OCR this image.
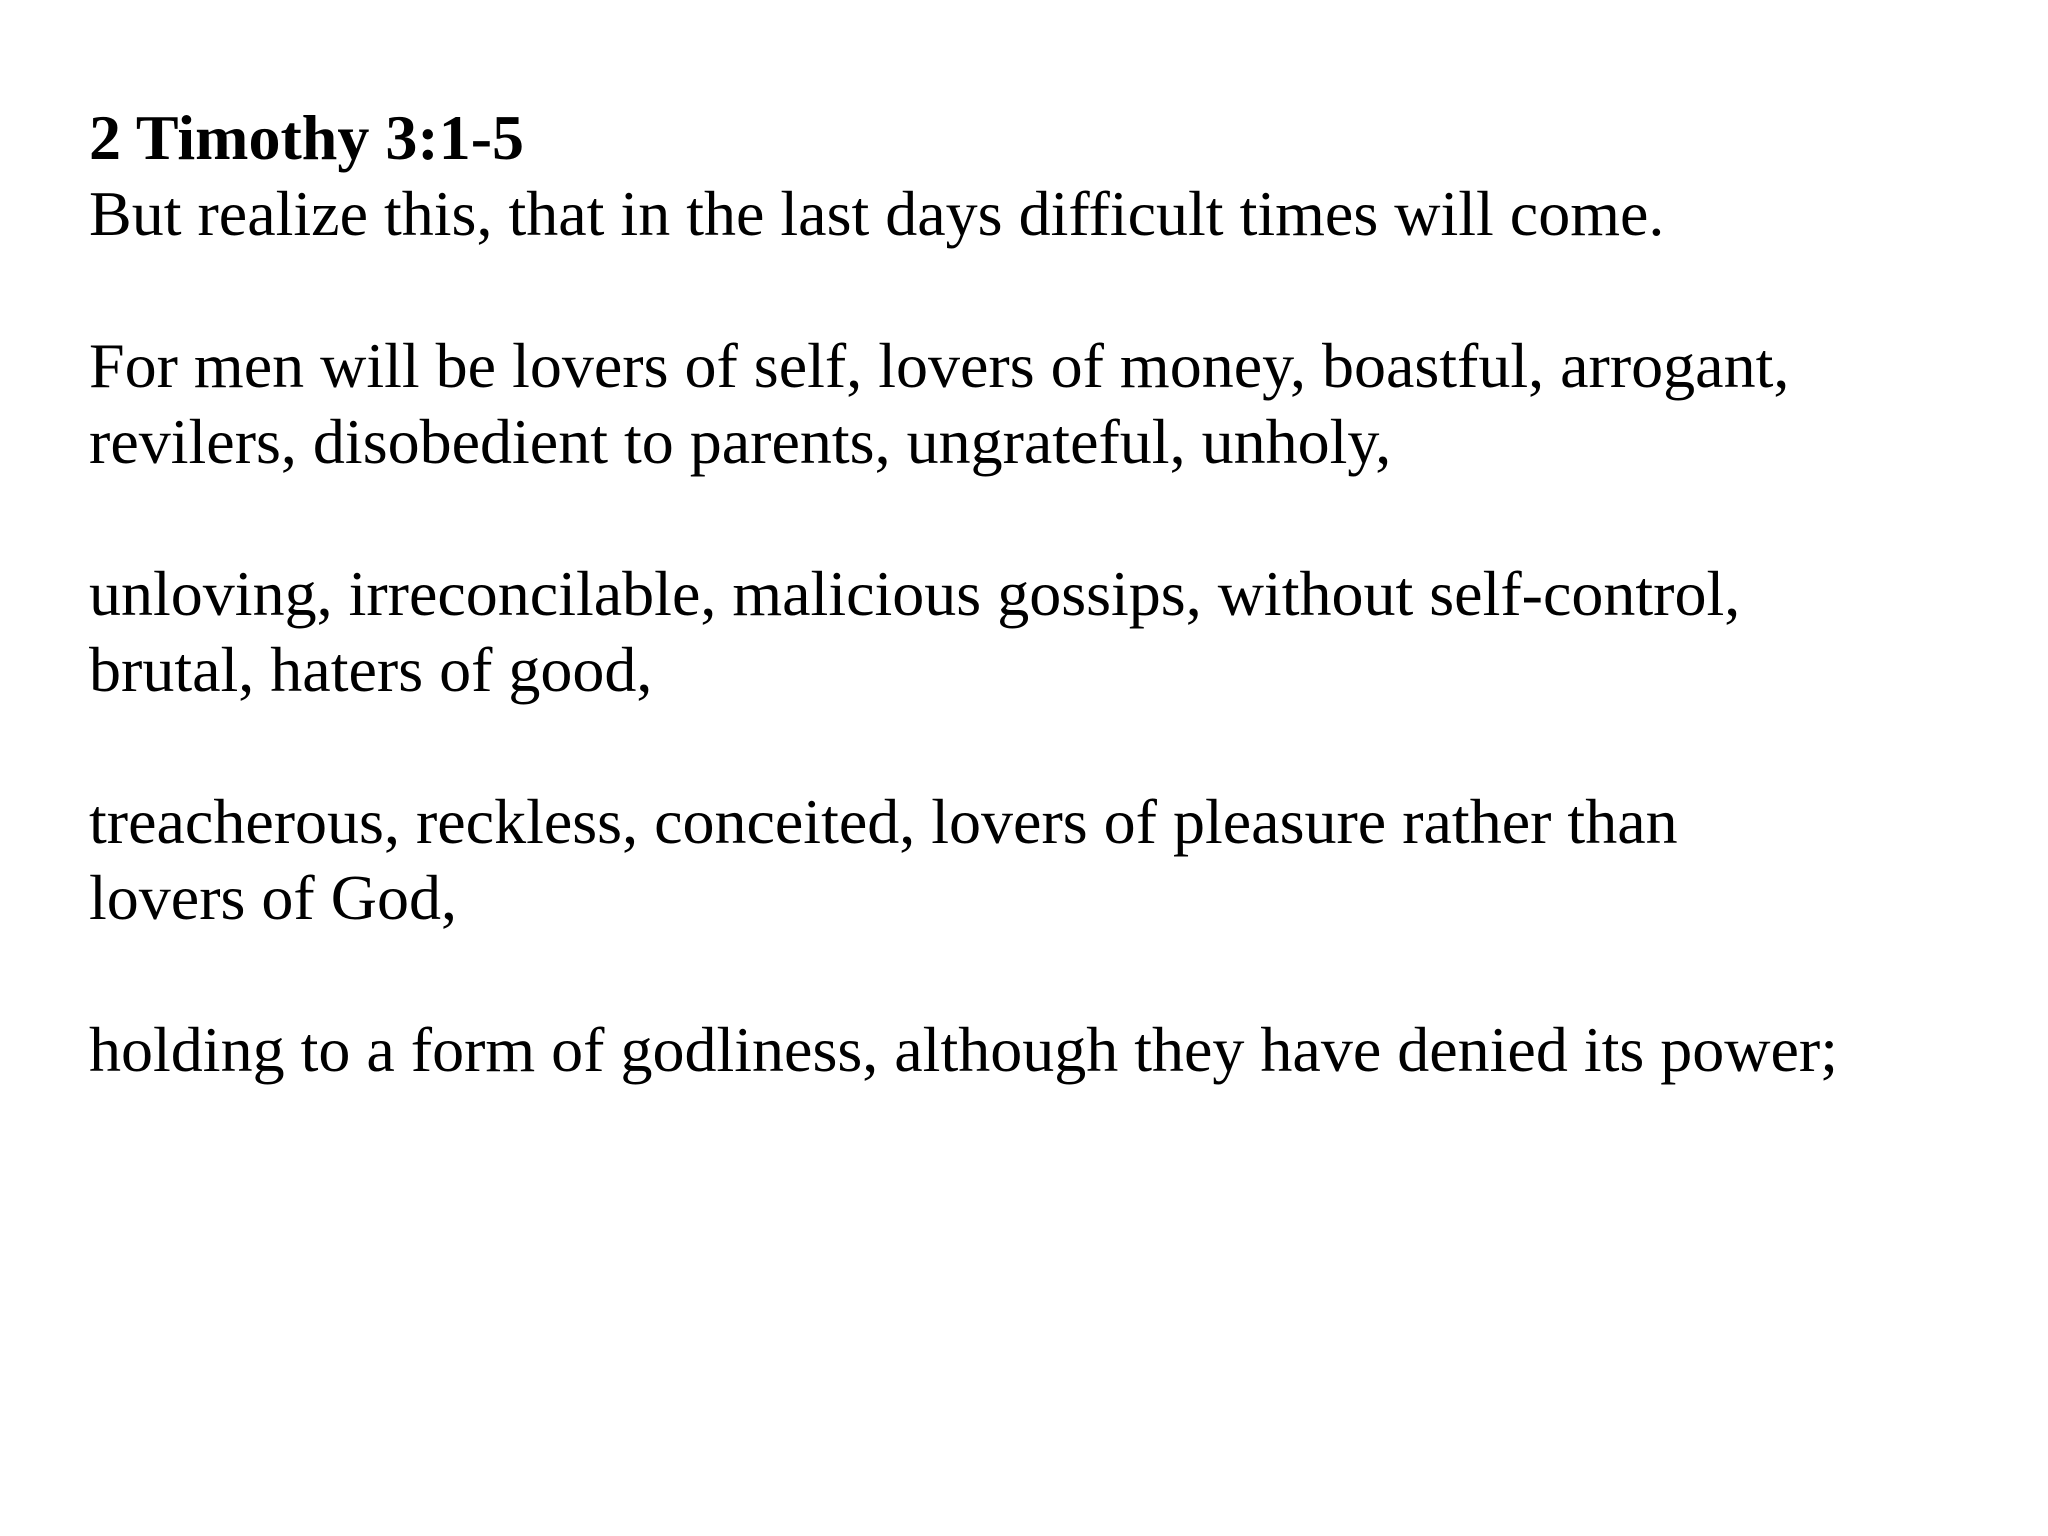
2 Timothy 3:1-5

But realize this, that in the last days difficult times will come.

For men will be lovers of self, lovers of money, boastful, arrogant,

revilers, disobedient to parents, ungrateful, unholy,

unloving, irreconcilable, malicious gossips, without self-control,

brutal, haters of good,

treacherous, reckless, conceited, lovers of pleasure rather than

lovers of God,

holding to a form of godliness, although they have denied its power;
